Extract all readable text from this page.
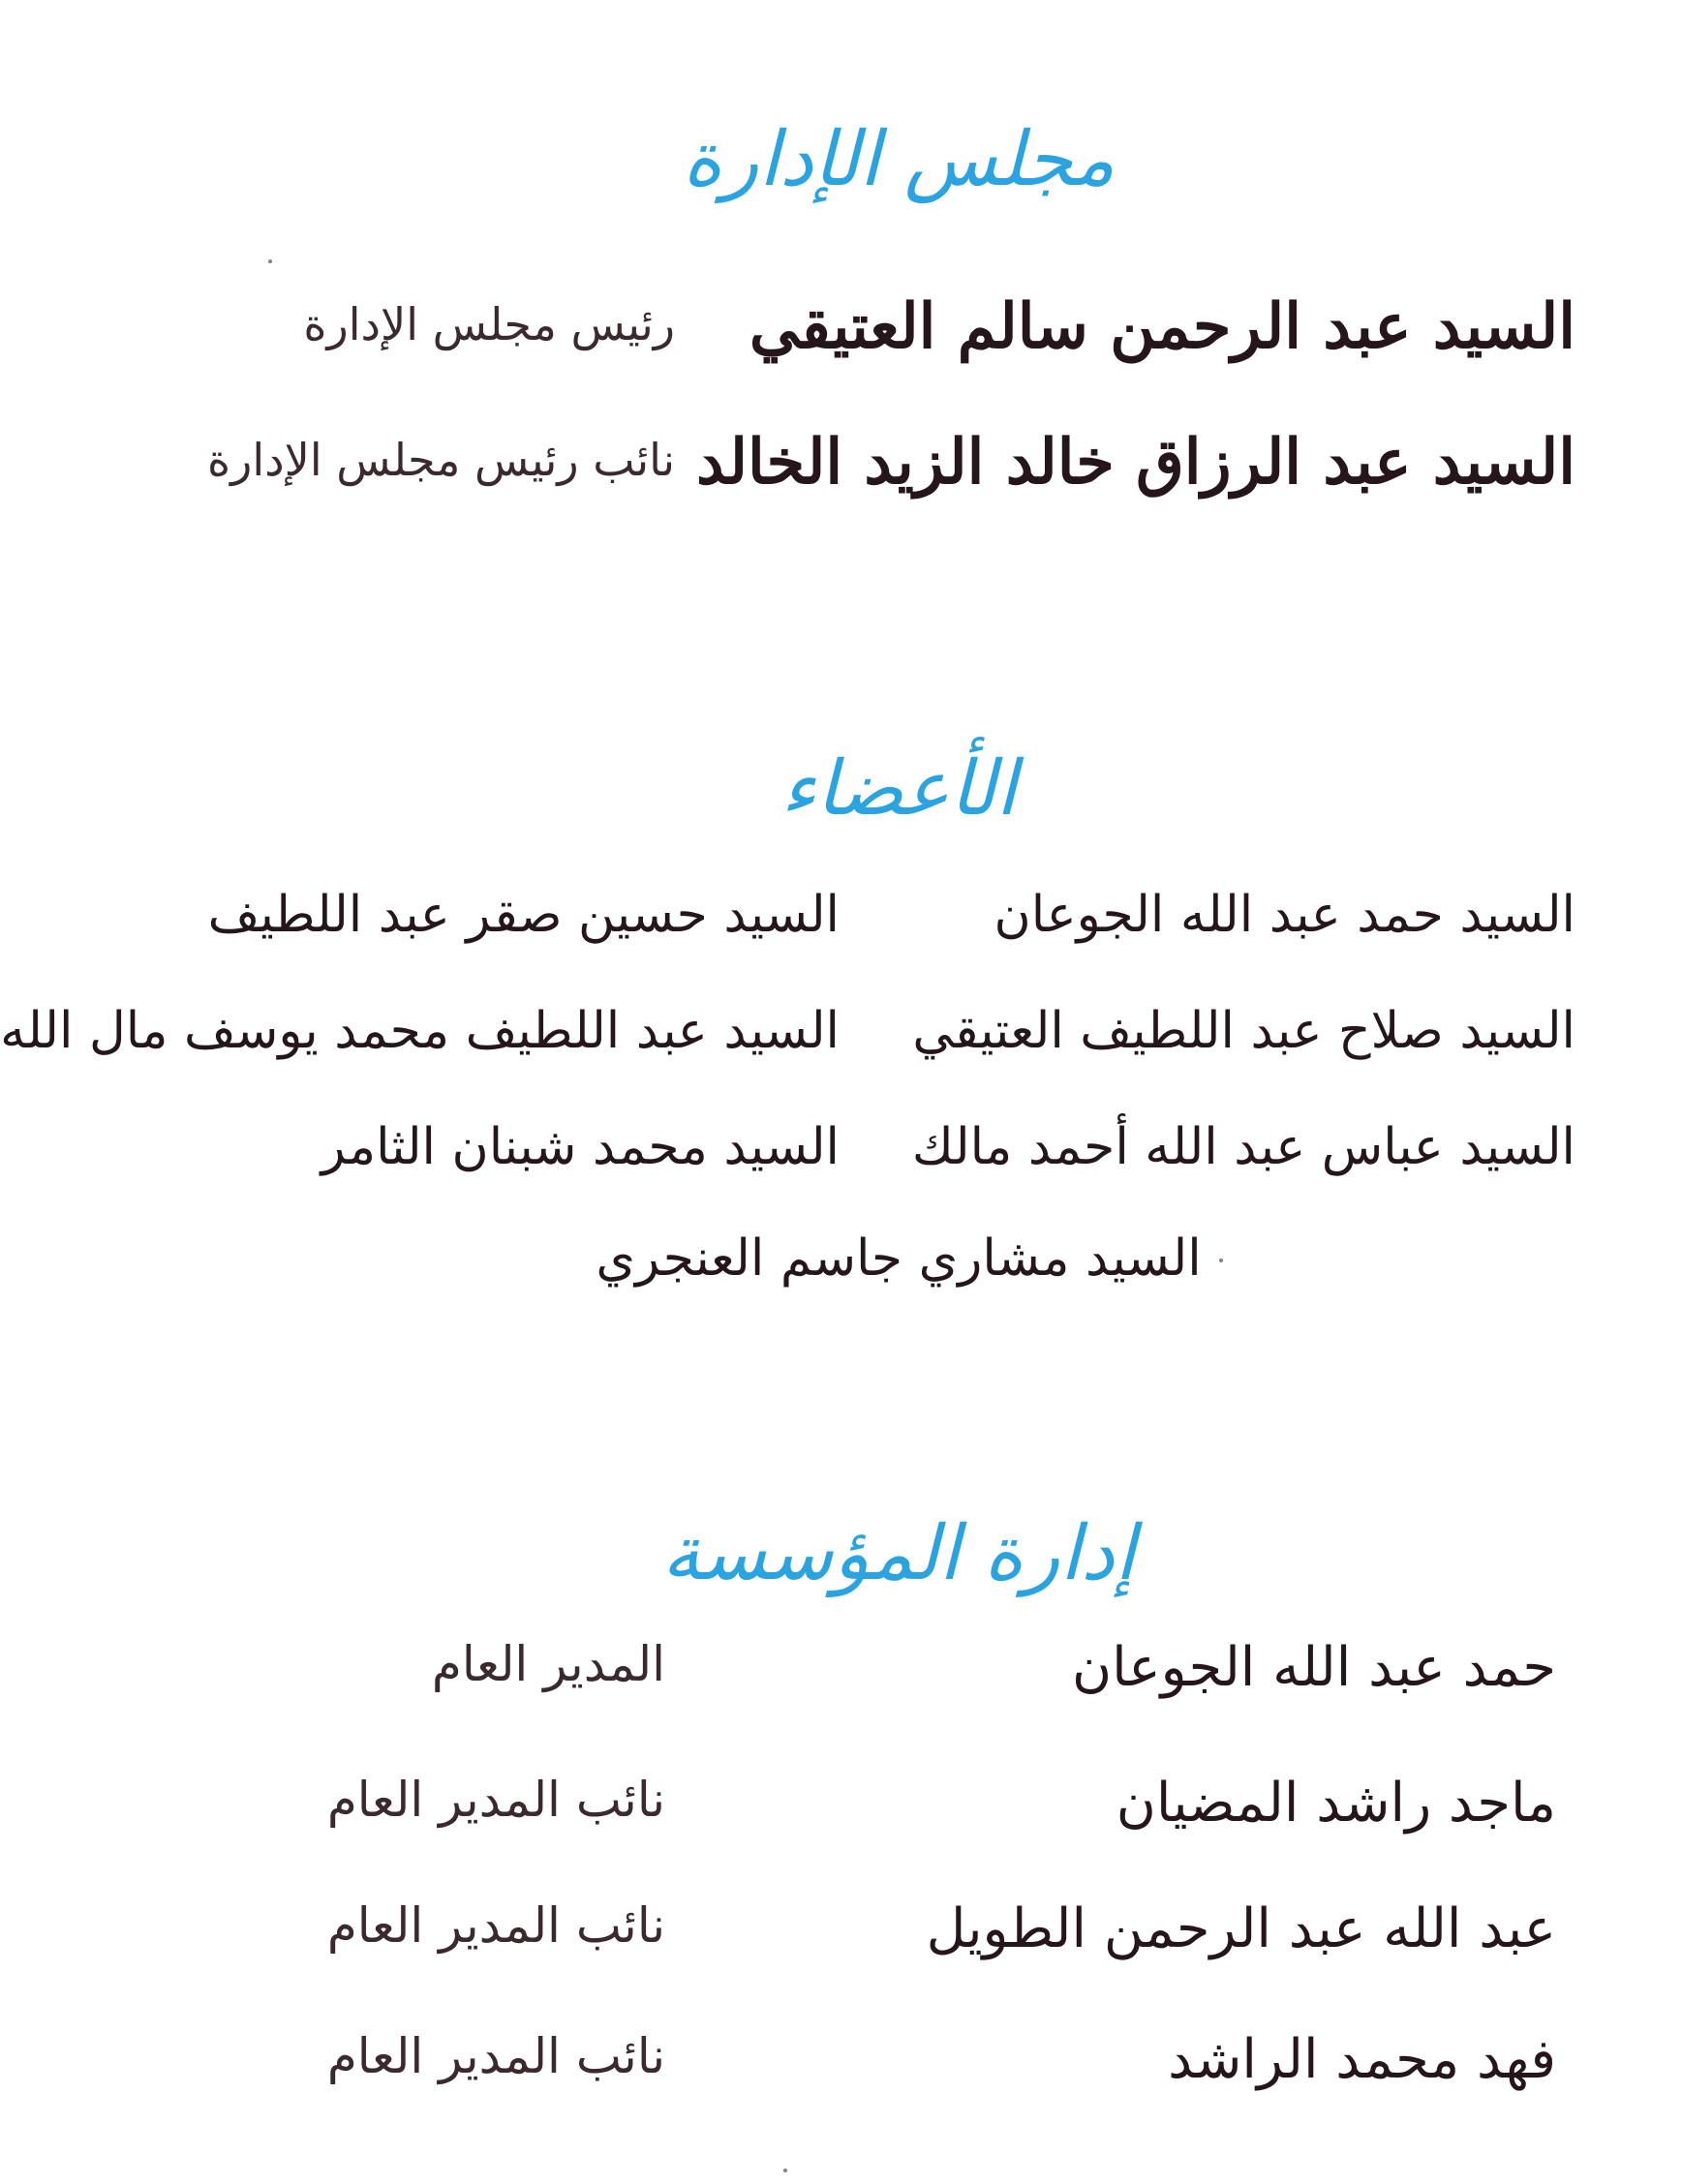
مجلس الإدارة
السيد عبد الرحمن سالم العتيقي
رئيس مجلس الإدارة
السيد عبد الرزاق خالد الزيد الخالد
نائب رئيس مجلس الإدارة
الأعضاء
السيد حمد عبد الله الجوعان
السيد حسين صقر عبد اللطيف
السيد صلاح عبد اللطيف العتيقي
السيد عبد اللطيف محمد يوسف مال الله
السيد عباس عبد الله أحمد مالك
السيد محمد شبنان الثامر
السيد مشاري جاسم العنجري
إدارة المؤسسة
حمد عبد الله الجوعان
المدير العام
ماجد راشد المضيان
نائب المدير العام
عبد الله عبد الرحمن الطويل
نائب المدير العام
فهد محمد الراشد
نائب المدير العام
